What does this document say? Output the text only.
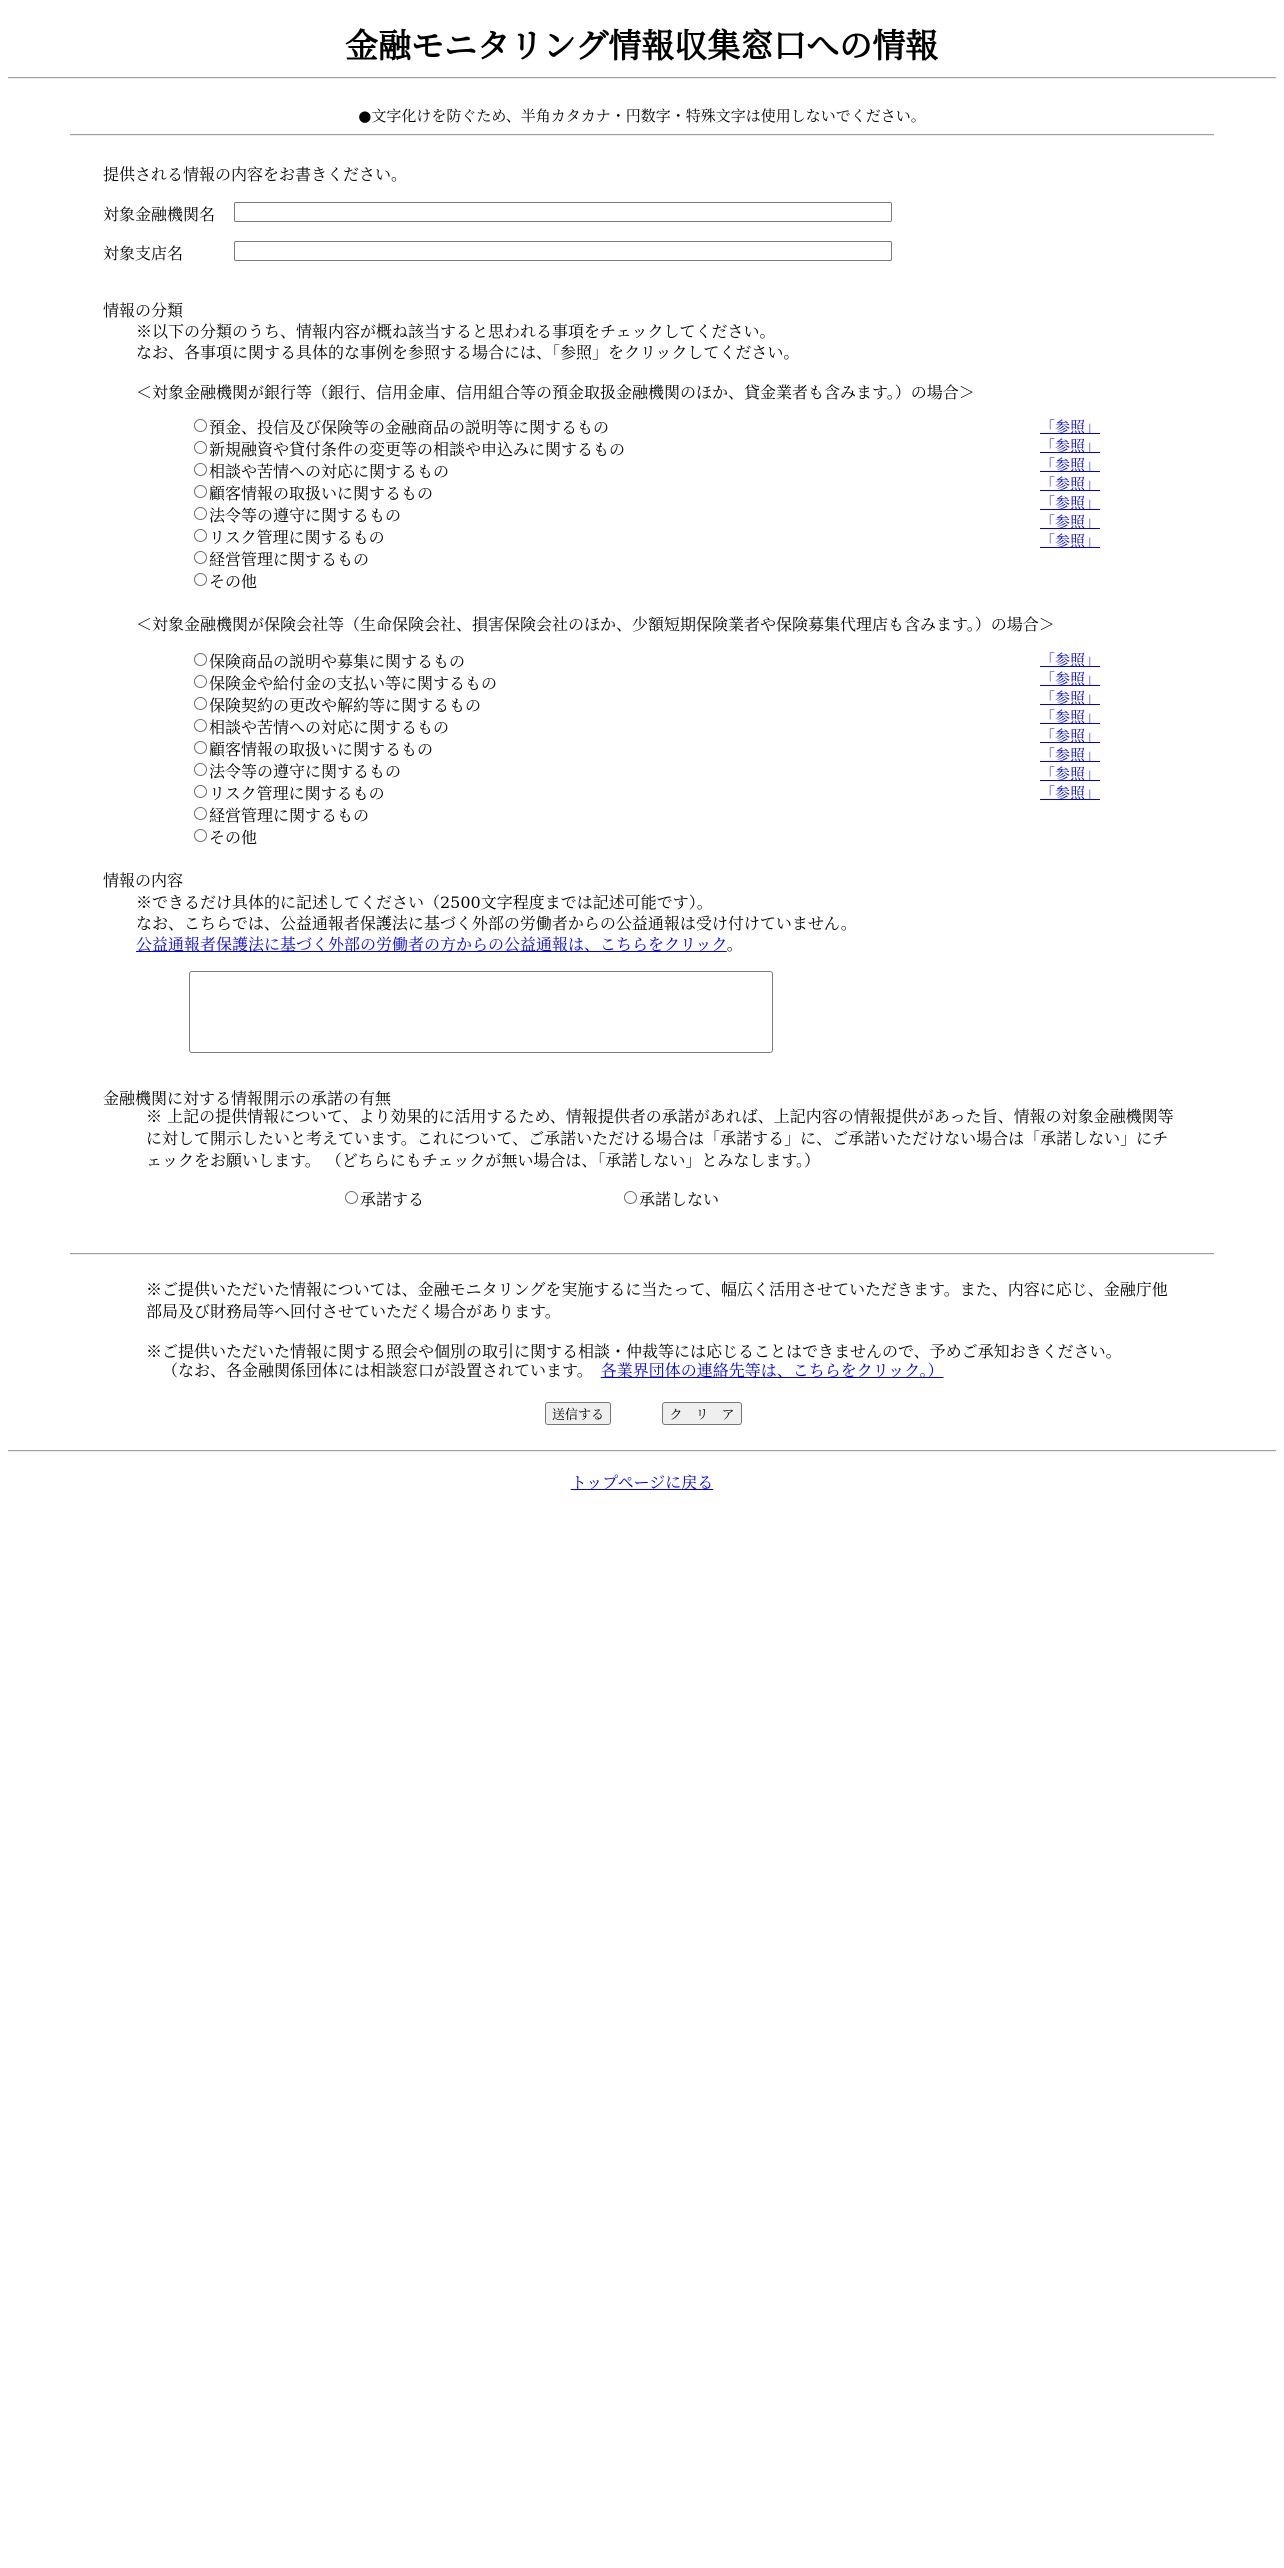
金融モニタリング情報収集窓口への情報
●文字化けを防ぐため、半角カタカナ・円数字・特殊文字は使用しないでください。
提供される情報の内容をお書きください。
対象金融機関名
対象支店名
情報の分類
※以下の分類のうち、情報内容が概ね該当すると思われる事項をチェックしてください。
なお、各事項に関する具体的な事例を参照する場合には、「参照」をクリックしてください。
＜対象金融機関が銀行等（銀行、信用金庫、信用組合等の預金取扱金融機関のほか、貸金業者も含みます。）の場合＞
預金、投信及び保険等の金融商品の説明等に関するもの
新規融資や貸付条件の変更等の相談や申込みに関するもの
相談や苦情への対応に関するもの
顧客情報の取扱いに関するもの
法令等の遵守に関するもの
リスク管理に関するもの
経営管理に関するもの
その他
「参照」
「参照」
「参照」
「参照」
「参照」
「参照」
「参照」
＜対象金融機関が保険会社等（生命保険会社、損害保険会社のほか、少額短期保険業者や保険募集代理店も含みます。）の場合＞
保険商品の説明や募集に関するもの
保険金や給付金の支払い等に関するもの
保険契約の更改や解約等に関するもの
相談や苦情への対応に関するもの
顧客情報の取扱いに関するもの
法令等の遵守に関するもの
リスク管理に関するもの
経営管理に関するもの
その他
「参照」
「参照」
「参照」
「参照」
「参照」
「参照」
「参照」
「参照」
情報の内容
※できるだけ具体的に記述してください（2500文字程度までは記述可能です）。
なお、こちらでは、公益通報者保護法に基づく外部の労働者からの公益通報は受け付けていません。
公益通報者保護法に基づく外部の労働者の方からの公益通報は、こちらをクリック。
金融機関に対する情報開示の承諾の有無
※ 上記の提供情報について、より効果的に活用するため、情報提供者の承諾があれば、上記内容の情報提供があった旨、情報の対象金融機関等
に対して開示したいと考えています。これについて、ご承諾いただける場合は「承諾する」に、ご承諾いただけない場合は「承諾しない」にチ
ェックをお願いします。 （どちらにもチェックが無い場合は、「承諾しない」とみなします。）
承諾する	承諾しない
※ご提供いただいた情報については、金融モニタリングを実施するに当たって、幅広く活用させていただきます。また、内容に応じ、金融庁他
部局及び財務局等へ回付させていただく場合があります。
※ご提供いただいた情報に関する照会や個別の取引に関する相談・仲裁等には応じることはできませんので、予めご承知おきください。
（なお、各金融関係団体には相談窓口が設置されています。 各業界団体の連絡先等は、こちらをクリック。）
送信する	ク　リ　ア
トップページに戻る
